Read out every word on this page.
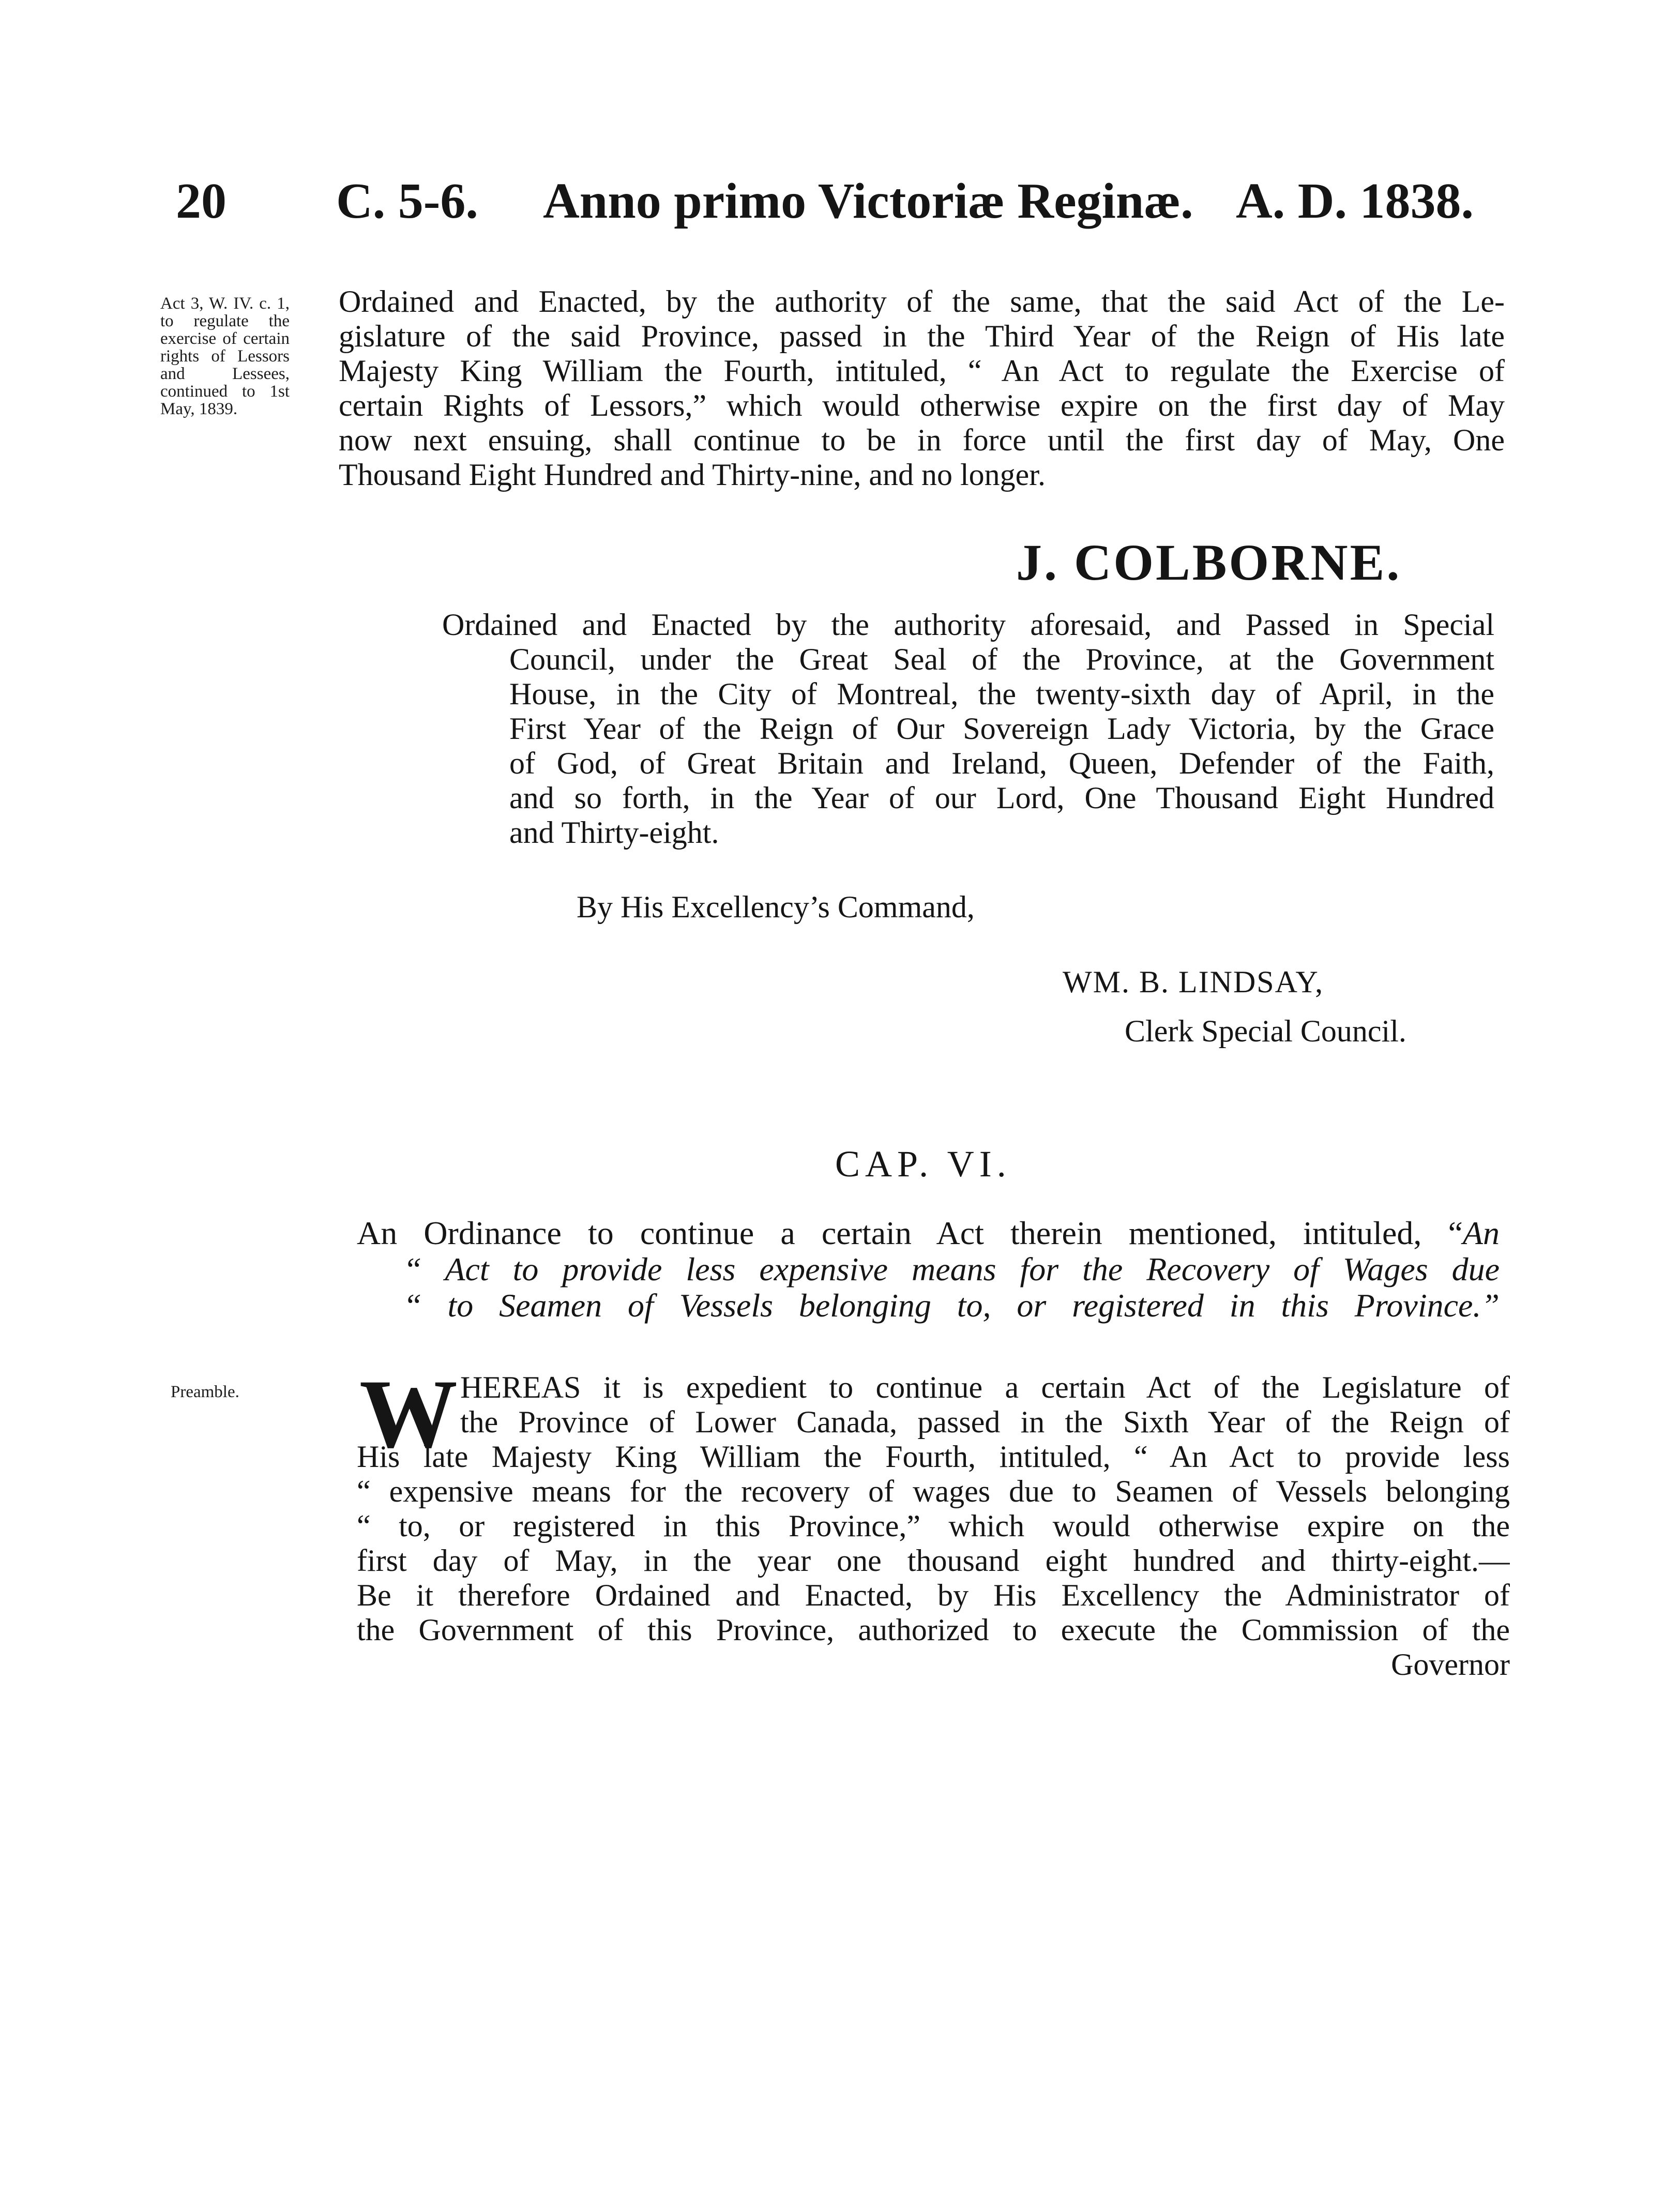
20 C. 5-6. Anno primo Victoriæ Reginæ. A. D. 1838.
Act 3, W. IV. c. 1, to regulate the exercise of certain rights of Lessors and Lessees, continued to 1st May, 1839.
Preamble.
Ordained and Enacted, by the authority of the same, that the said Act of the Le-
gislature of the said Province, passed in the Third Year of the Reign of His late
Majesty King William the Fourth, intituled, “ An Act to regulate the Exercise of
certain Rights of Lessors,” which would otherwise expire on the first day of May
now next ensuing, shall continue to be in force until the first day of May, One
Thousand Eight Hundred and Thirty-nine, and no longer.
J. COLBORNE.
Ordained and Enacted by the authority aforesaid, and Passed in Special
Council, under the Great Seal of the Province, at the Government
House, in the City of Montreal, the twenty-sixth day of April, in the
First Year of the Reign of Our Sovereign Lady Victoria, by the Grace
of God, of Great Britain and Ireland, Queen, Defender of the Faith,
and so forth, in the Year of our Lord, One Thousand Eight Hundred
and Thirty-eight.
By His Excellency’s Command,
WM. B. LINDSAY,
Clerk Special Council.
CAP. VI.
An Ordinance to continue a certain Act therein mentioned, intituled, “An
“ Act to provide less expensive means for the Recovery of Wages due
“ to Seamen of Vessels belonging to, or registered in this Province.”
W HEREAS it is expedient to continue a certain Act of the Legislature of
the Province of Lower Canada, passed in the Sixth Year of the Reign of
His late Majesty King William the Fourth, intituled, “ An Act to provide less
“ expensive means for the recovery of wages due to Seamen of Vessels belonging
“ to, or registered in this Province,” which would otherwise expire on the
first day of May, in the year one thousand eight hundred and thirty-eight.—
Be it therefore Ordained and Enacted, by His Excellency the Administrator of
the Government of this Province, authorized to execute the Commission of the
Governor
